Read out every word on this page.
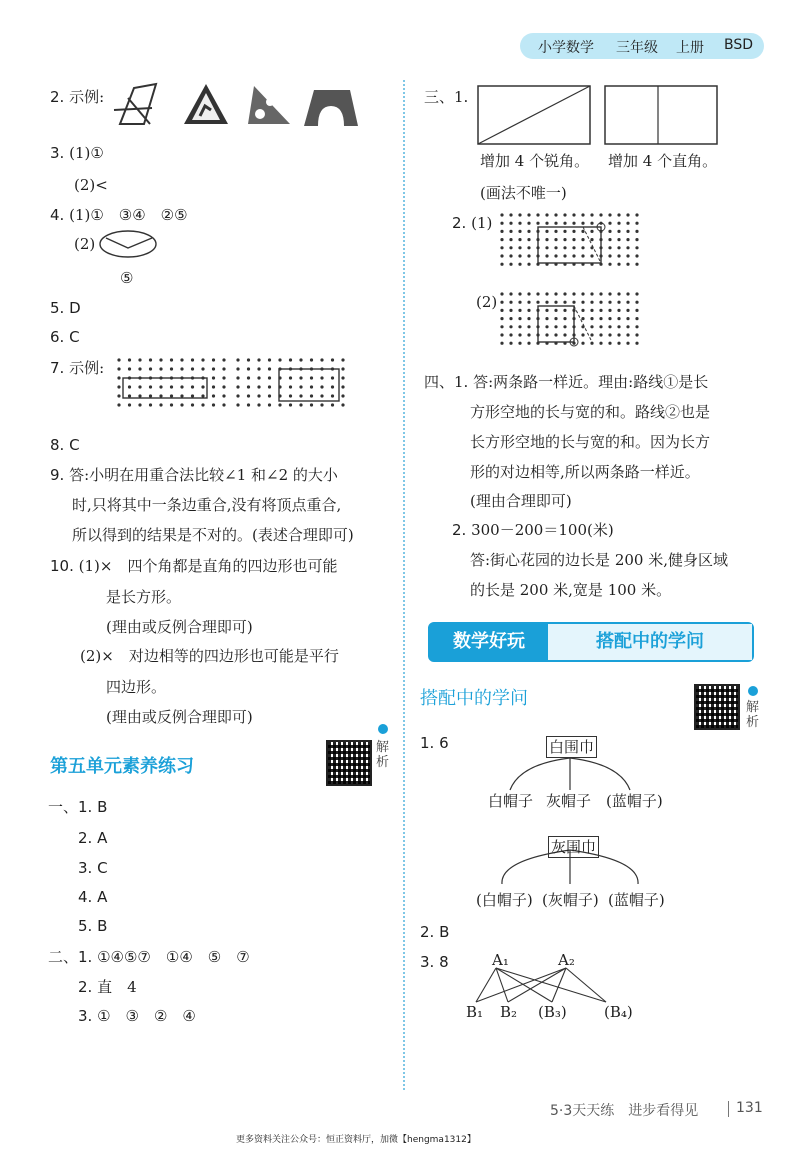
小学数学 三年级 上册 BSD
2. 示例:
3. (1)①
(2)<
4. (1)①　③④　②⑤
(2)
⑤
5. D
6. C
7. 示例:
8. C
9. 答:小明在用重合法比较∠1 和∠2 的大小
时,只将其中一条边重合,没有将顶点重合,
所以得到的结果是不对的。(表述合理即可)
10. (1)×　四个角都是直角的四边形也可能
是长方形。
(理由或反例合理即可)
(2)×　对边相等的四边形也可能是平行
四边形。
(理由或反例合理即可)
第五单元素养练习
解析
一、1. B
2. A
3. C
4. A
5. B
二、1. ①④⑤⑦　①④　⑤　⑦
2. 直　4
3. ①　③　②　④
三、1.
增加 4 个锐角。 增加 4 个直角。
(画法不唯一)
2. (1)
(2)
四、1. 答:两条路一样近。理由:路线①是长
方形空地的长与宽的和。路线②也是
长方形空地的长与宽的和。因为长方
形的对边相等,所以两条路一样近。
(理由合理即可)
2. 300－200＝100(米)
答:街心花园的边长是 200 米,健身区域
的长是 200 米,宽是 100 米。
数学好玩	搭配中的学问
搭配中的学问	解析
1. 6	白围巾
白帽子 灰帽子 (蓝帽子)
灰围巾
(白帽子) (灰帽子) (蓝帽子)
2. B
3. 8	A₁	A₂
B₁ B₂ (B₃) (B₄)
5·3天天练　进步看得见	131
更多资料关注公众号：恒正资料厅，加微【hengma1312】
